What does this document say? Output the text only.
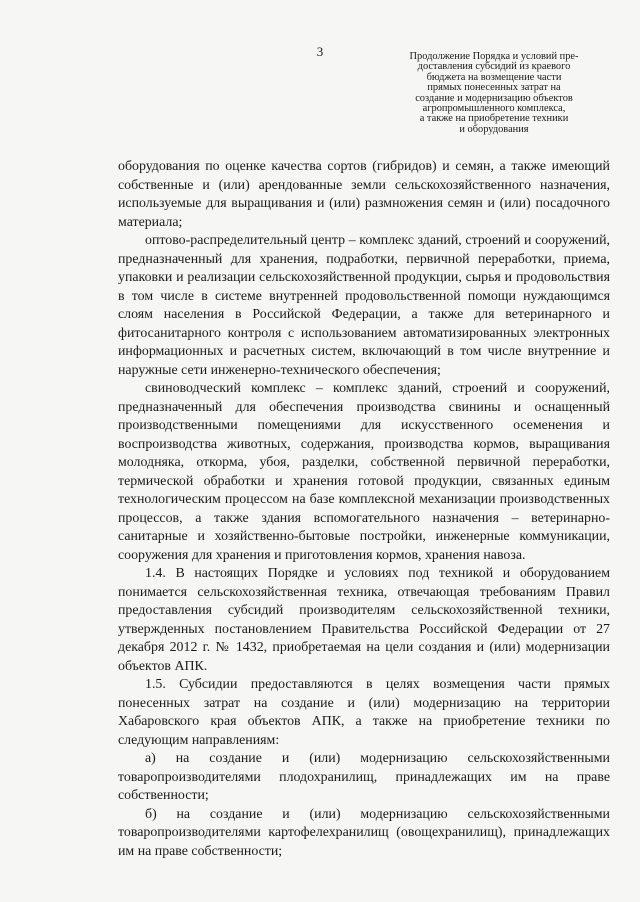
3	Продолжение Порядка и условий пре-
доставления субсидий из краевого
бюджета на возмещение части
прямых понесенных затрат на
создание и модернизацию объектов
агропромышленного комплекса,
а также на приобретение техники
и оборудования

оборудования по оценке качества сортов (гибридов) и семян, а также имеющий собственные и (или) арендованные земли сельскохозяйственного назначения, используемые для выращивания и (или) размножения семян и (или) посадочного материала;

оптово-распределительный центр – комплекс зданий, строений и сооружений, предназначенный для хранения, подработки, первичной переработки, приема, упаковки и реализации сельскохозяйственной продукции, сырья и продовольствия в том числе в системе внутренней продовольственной помощи нуждающимся слоям населения в Российской Федерации, а также для ветеринарного и фитосанитарного контроля с использованием автоматизированных электронных информационных и расчетных систем, включающий в том числе внутренние и наружные сети инженерно-технического обеспечения;

свиноводческий комплекс – комплекс зданий, строений и сооружений, предназначенный для обеспечения производства свинины и оснащенный производственными помещениями для искусственного осеменения и воспроизводства животных, содержания, производства кормов, выращивания молодняка, откорма, убоя, разделки, собственной первичной переработки, термической обработки и хранения готовой продукции, связанных единым технологическим процессом на базе комплексной механизации производственных процессов, а также здания вспомогательного назначения – ветеринарно-санитарные и хозяйственно-бытовые постройки, инженерные коммуникации, сооружения для хранения и приготовления кормов, хранения навоза.

1.4. В настоящих Порядке и условиях под техникой и оборудованием понимается сельскохозяйственная техника, отвечающая требованиям Правил предоставления субсидий производителям сельскохозяйственной техники, утвержденных постановлением Правительства Российской Федерации от 27 декабря 2012 г. № 1432, приобретаемая на цели создания и (или) модернизации объектов АПК.

1.5. Субсидии предоставляются в целях возмещения части прямых понесенных затрат на создание и (или) модернизацию на территории Хабаровского края объектов АПК, а также на приобретение техники по следующим направлениям:

а) на создание и (или) модернизацию сельскохозяйственными товаропроизводителями плодохранилищ, принадлежащих им на праве собственности;

б) на создание и (или) модернизацию сельскохозяйственными товаропроизводителями картофелехранилищ (овощехранилищ), принадлежащих им на праве собственности;
